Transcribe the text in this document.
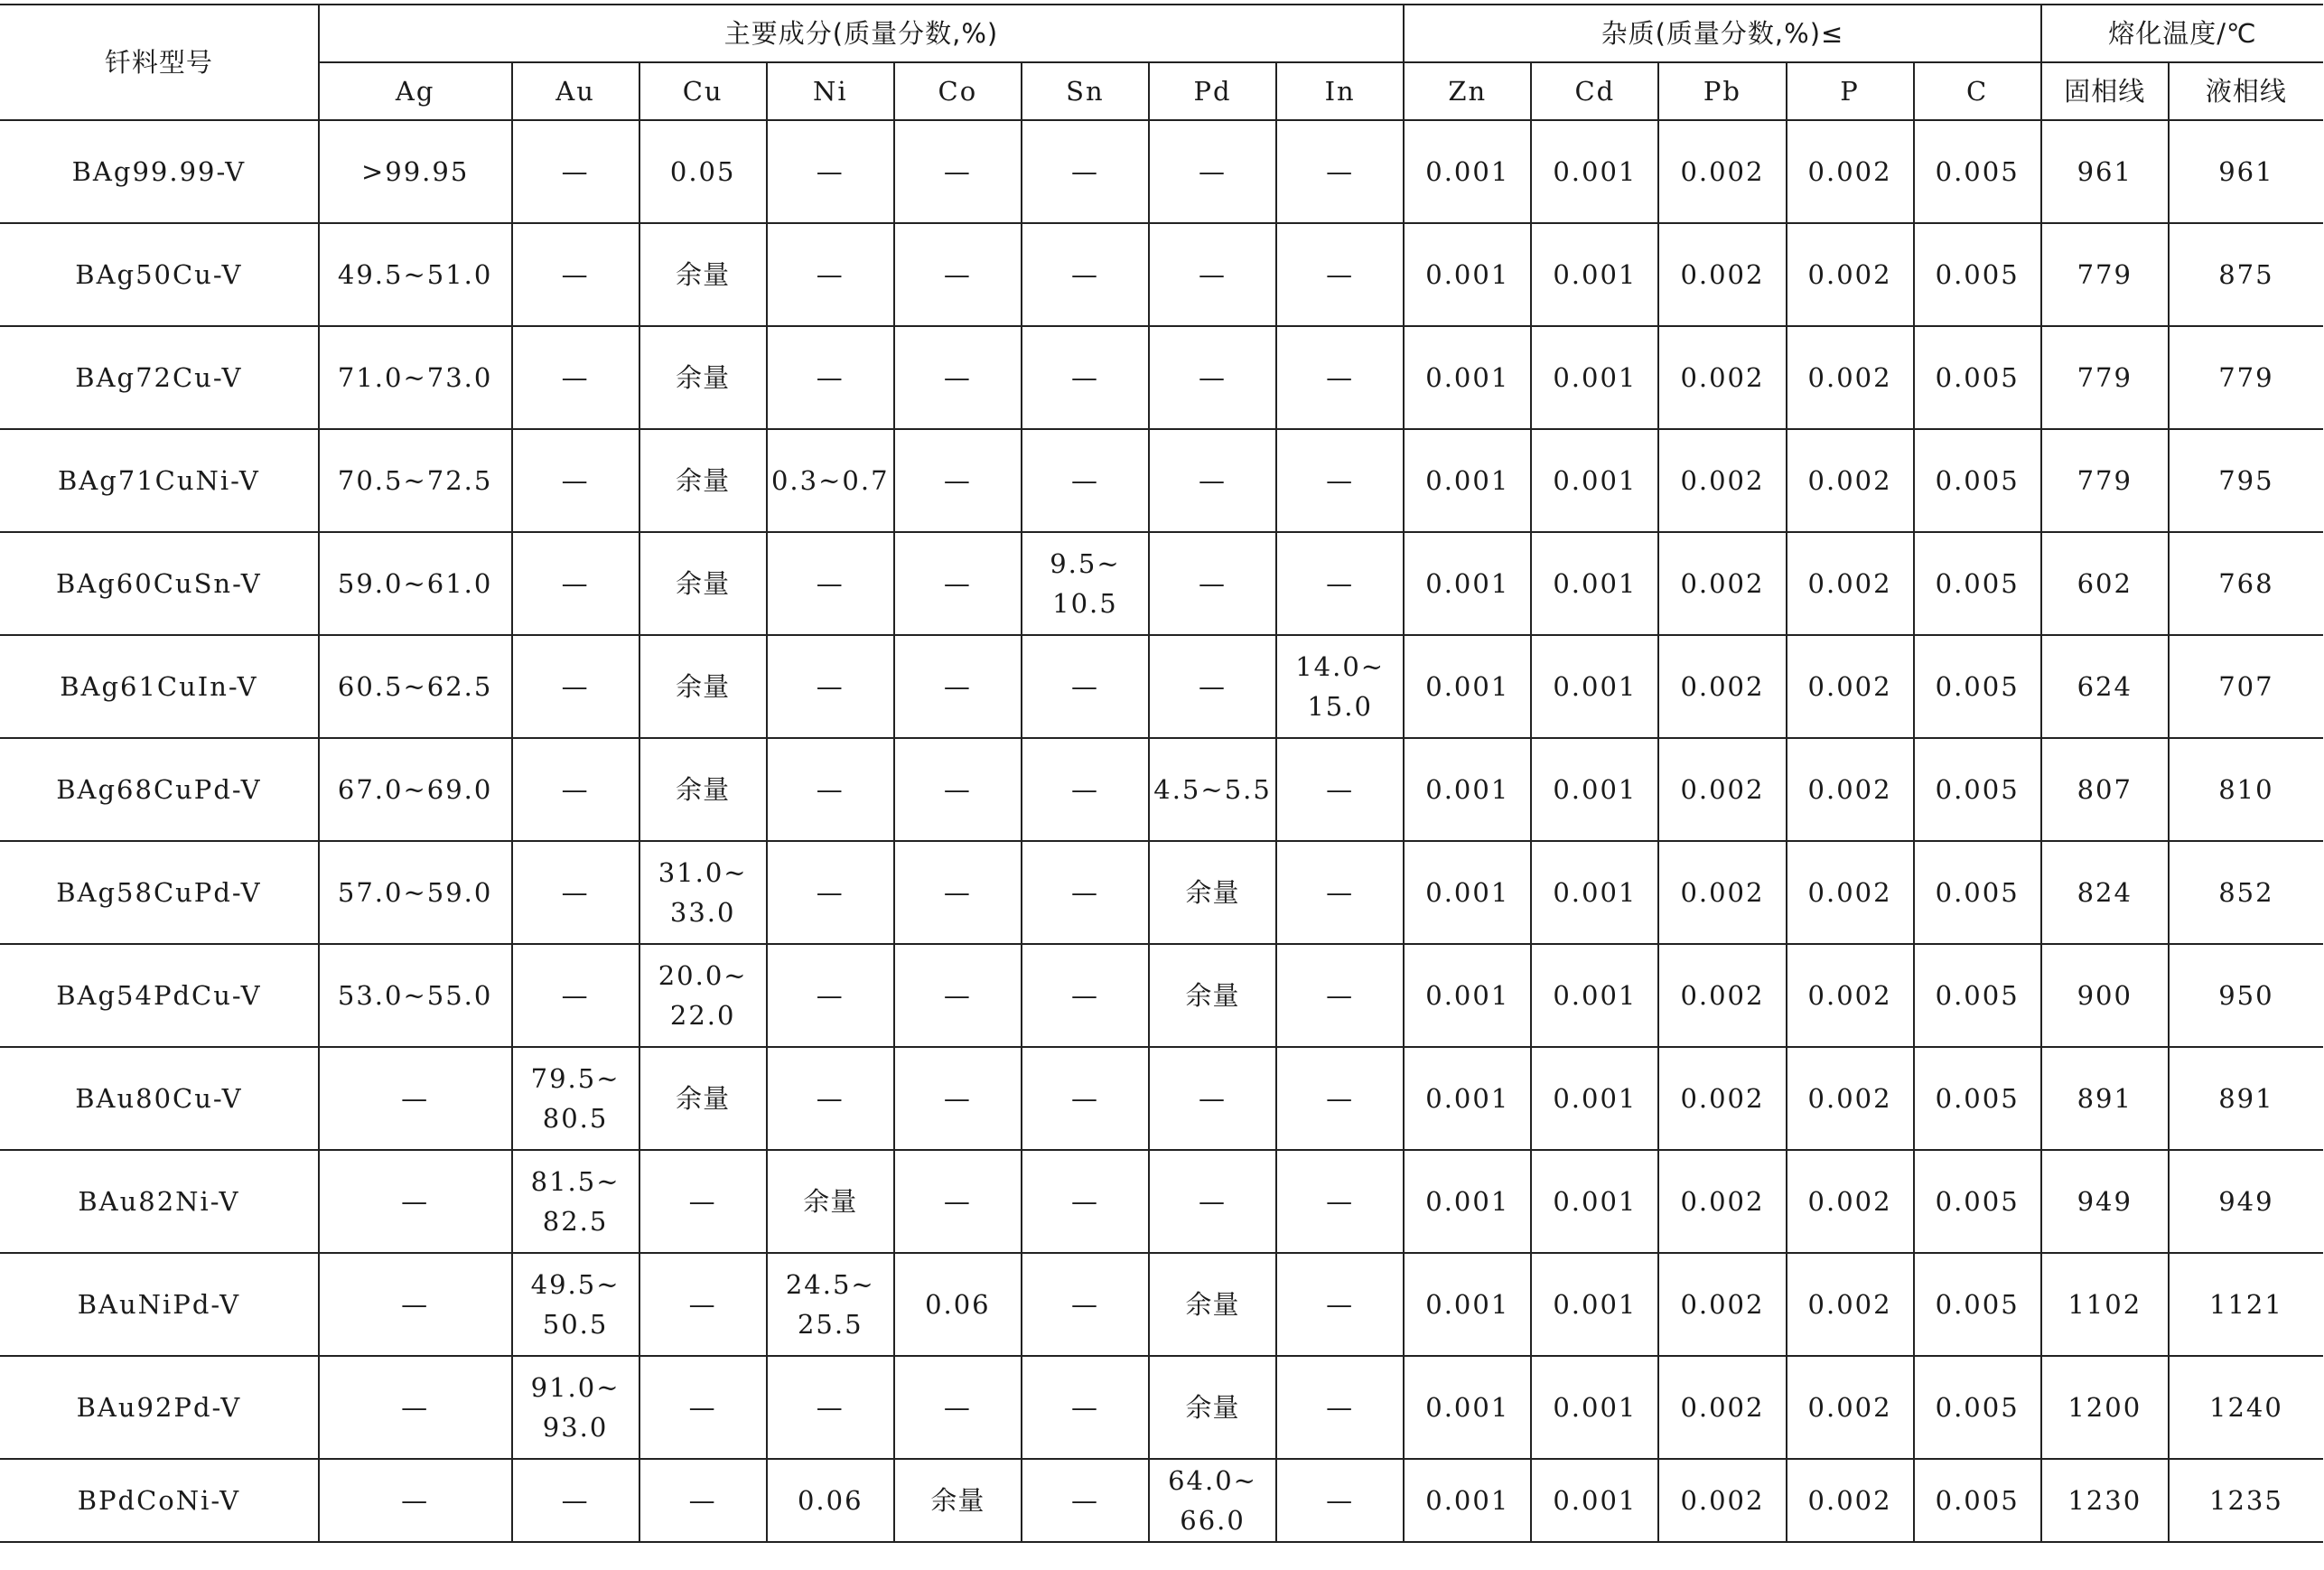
钎料型号	主要成分(质量分数,%)								杂质(质量分数,%)≤					熔化温度/℃	
	Ag	Au	Cu	Ni	Co	Sn	Pd	In	Zn	Cd	Pb	P	C	固相线	液相线
BAg99.99-V	>99.95	—	0.05	—	—	—	—	—	0.001	0.001	0.002	0.002	0.005	961	961
BAg50Cu-V	49.5~51.0	—	余量	—	—	—	—	—	0.001	0.001	0.002	0.002	0.005	779	875
BAg72Cu-V	71.0~73.0	—	余量	—	—	—	—	—	0.001	0.001	0.002	0.002	0.005	779	779
BAg71CuNi-V	70.5~72.5	—	余量	0.3~0.7	—	—	—	—	0.001	0.001	0.002	0.002	0.005	779	795
BAg60CuSn-V	59.0~61.0	—	余量	—	—	9.5~10.5	—	—	0.001	0.001	0.002	0.002	0.005	602	768
BAg61CuIn-V	60.5~62.5	—	余量	—	—	—	—	14.0~15.0	0.001	0.001	0.002	0.002	0.005	624	707
BAg68CuPd-V	67.0~69.0	—	余量	—	—	—	4.5~5.5	—	0.001	0.001	0.002	0.002	0.005	807	810
BAg58CuPd-V	57.0~59.0	—	31.0~33.0	—	—	—	余量	—	0.001	0.001	0.002	0.002	0.005	824	852
BAg54PdCu-V	53.0~55.0	—	20.0~22.0	—	—	—	余量	—	0.001	0.001	0.002	0.002	0.005	900	950
BAu80Cu-V	—	79.5~80.5	余量	—	—	—	—	—	0.001	0.001	0.002	0.002	0.005	891	891
BAu82Ni-V	—	81.5~82.5	—	余量	—	—	—	—	0.001	0.001	0.002	0.002	0.005	949	949
BAuNiPd-V	—	49.5~50.5	—	24.5~25.5	0.06	—	余量	—	0.001	0.001	0.002	0.002	0.005	1102	1121
BAu92Pd-V	—	91.0~93.0	—	—	—	—	余量	—	0.001	0.001	0.002	0.002	0.005	1200	1240
BPdCoNi-V	—	—	—	0.06	余量	—	64.0~66.0	—	0.001	0.001	0.002	0.002	0.005	1230	1235
